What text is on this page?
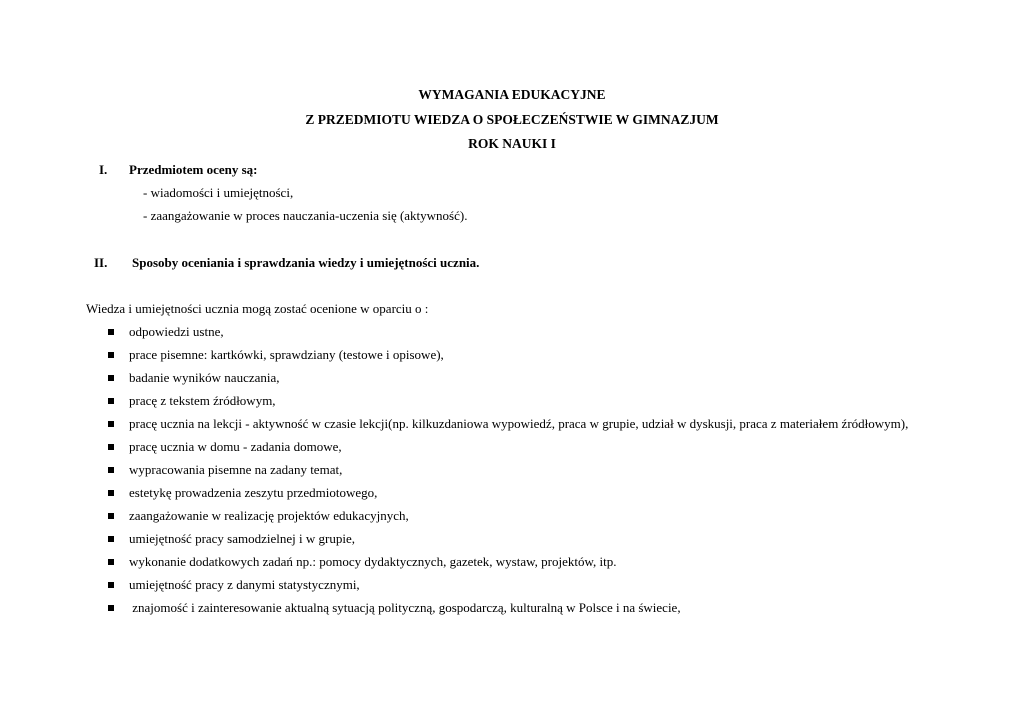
WYMAGANIA EDUKACYJNE
Z PRZEDMIOTU WIEDZA O SPOŁECZEŃSTWIE W GIMNAZJUM
ROK NAUKI I
I. Przedmiotem oceny są:
- wiadomości i umiejętności,
- zaangażowanie w proces nauczania-uczenia się (aktywność).
II. Sposoby oceniania i sprawdzania wiedzy i umiejętności ucznia.
Wiedza i umiejętności ucznia mogą zostać ocenione w oparciu o :
odpowiedzi ustne,
prace pisemne: kartkówki, sprawdziany (testowe i opisowe),
badanie wyników nauczania,
pracę z tekstem źródłowym,
pracę ucznia na lekcji - aktywność w czasie lekcji(np. kilkuzdaniowa wypowiedź, praca w grupie, udział w dyskusji, praca z materiałem źródłowym),
pracę ucznia w domu - zadania domowe,
wypracowania pisemne na zadany temat,
estetykę prowadzenia zeszytu przedmiotowego,
zaangażowanie w realizację projektów edukacyjnych,
umiejętność pracy samodzielnej i w grupie,
wykonanie dodatkowych zadań np.: pomocy dydaktycznych, gazetek, wystaw, projektów, itp.
umiejętność pracy z danymi statystycznymi,
znajomość i zainteresowanie aktualną sytuacją polityczną, gospodarczą, kulturalną w Polsce i na świecie,
